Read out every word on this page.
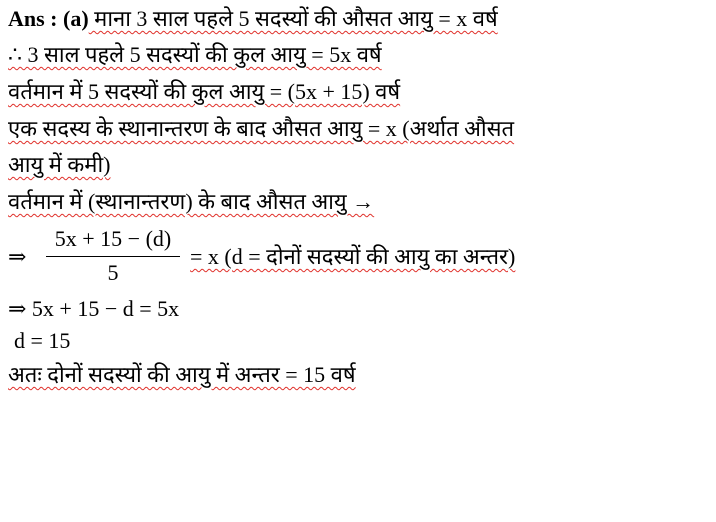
Ans : (a) माना 3 साल पहले 5 सदस्यों की औसत आयु = x वर्ष
∴ 3 साल पहले 5 सदस्यों की कुल आयु = 5x वर्ष
वर्तमान में 5 सदस्यों की कुल आयु = (5x + 15) वर्ष
एक सदस्य के स्थानान्तरण के बाद औसत आयु = x (अर्थात औसत
आयु में कमी)
वर्तमान में (स्थानान्तरण) के बाद औसत आयु →
⇒
5x + 15 − (d)
5
= x (d = दोनों सदस्यों की आयु का अन्तर)
⇒ 5x + 15 − d = 5x
d = 15
अतः दोनों सदस्यों की आयु में अन्तर = 15 वर्ष
